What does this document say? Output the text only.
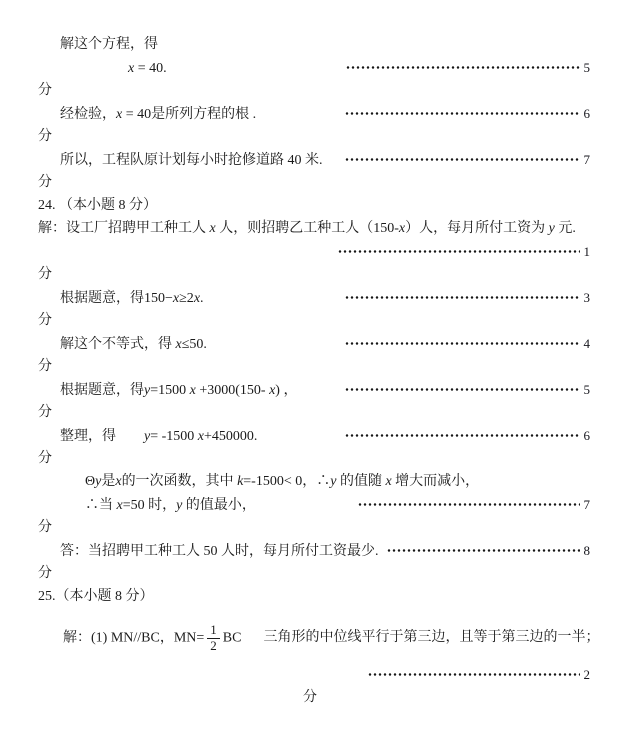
解这个方程，得
x = 40.	5
分
经检验，x = 40是所列方程的根 .	6
分
所以，工程队原计划每小时抢修道路 40 米.	7
分
24. （本小题 8 分）
解：设工厂招聘甲工种工人 x 人，则招聘乙工种工人（150-x）人，每月所付工资为 y 元.
1
分
根据题意，得150−x≥2x.	3
分
解这个不等式，得 x≤50.	4
分
根据题意，得y=1500 x +3000(150- x) ，	5
分
整理，得　　y= -1500 x+450000.	6
分
Θy是x的一次函数，其中 k=-1500< 0，∴y 的值随 x 增大而减小，
∴当 x=50 时，y 的值最小，	7
分
答：当招聘甲工种工人 50 人时，每月所付工资最少.	8
分
25.（本小题 8 分）

解：(1) MN//BC，$MN= \frac{1}{2}$ BC 三角形的中位线平行于第三边，且等于第三边的一半；

2
分
